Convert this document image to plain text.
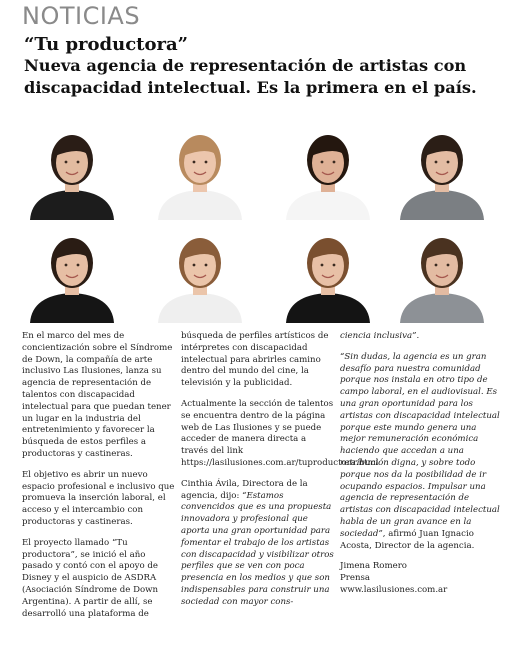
NOTICIAS
“Tu productora”
Nueva agencia de representación de artistas con discapacidad intelectual. Es la primera en el país.

En el marco del mes de concientización sobre el Síndrome de Down, la compañía de arte inclusivo Las Ilusiones, lanza su agencia de representación de talentos con discapacidad intelectual para que puedan tener un lugar en la industria del entretenimiento y favorecer la búsqueda de estos perfiles a productoras y castineras.

El objetivo es abrir un nuevo espacio profesional e inclusivo que promueva la inserción laboral, el acceso y el intercambio con productoras y castineras.

El proyecto llamado “Tu productora”, se inició el año pasado y contó con el apoyo de Disney y el auspicio de ASDRA (Asociación Síndrome de Down Argentina). A partir de allí, se desarrolló una plataforma de

búsqueda de perfiles artísticos de intérpretes con discapacidad intelectual para abrirles camino dentro del mundo del cine, la televisión y la publicidad.

Actualmente la sección de talentos se encuentra dentro de la página web de Las Ilusiones y se puede acceder de manera directa a través del link https://lasilusiones.com.ar/tuproductora.html

Cinthia Ávila, Directora de la agencia, dijo: “Estamos convencidos que es una propuesta innovadora y profesional que aporta una gran oportunidad para fomentar el trabajo de los artistas con discapacidad y visibilizar otros perfiles que se ven con poca presencia en los medios y que son indispensables para construir una sociedad con mayor cons-

ciencia inclusiva”.

“Sin dudas, la agencia es un gran desafío para nuestra comunidad porque nos instala en otro tipo de campo laboral, en el audiovisual. Es una gran oportunidad para los artistas con discapacidad intelectual porque este mundo genera una mejor remuneración económica haciendo que accedan a una retribución digna, y sobre todo porque nos da la posibilidad de ir ocupando espacios. Impulsar una agencia de representación de artistas con discapacidad intelectual habla de un gran avance en la sociedad”, afirmó Juan Ignacio Acosta, Director de la agencia.

Jimena Romero

Prensa

www.lasilusiones.com.ar
